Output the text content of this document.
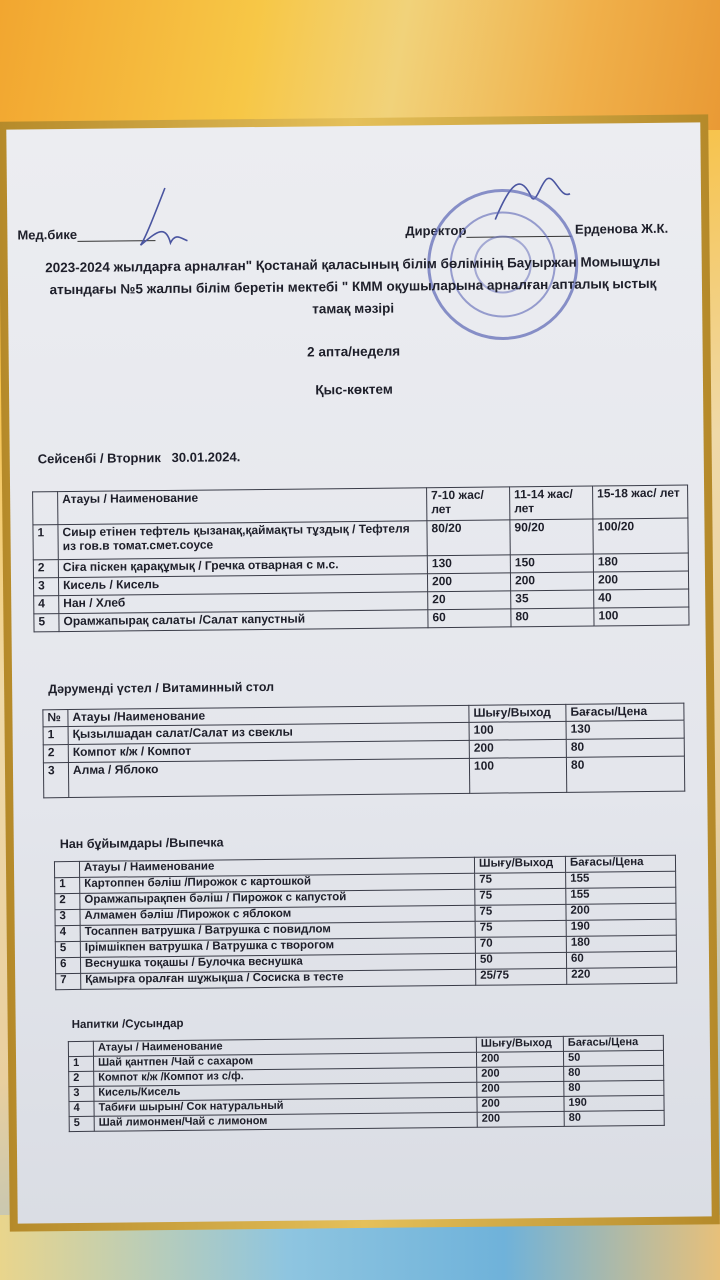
Мед.бике	Директор	Ерденова Ж.К.
2023-2024 жылдарға арналған" Қостанай қаласының білім бөлімінің Бауыржан Момышұлы
атындағы №5 жалпы білім беретін мектебі " КММ оқушыларына арналған апталық ыстық
тамақ мәзірі
2 апта/неделя
Қыс-көктем
Сейсенбі / Вторник 30.01.2024.
	Атауы / Наименование	7-10 жас/ лет	11-14 жас/ лет	15-18 жас/ лет
1	Сиыр етінен тефтель қызанақ,қаймақты тұздық / Тефтеля из гов.в томат.смет.соусе	80/20	90/20	100/20
2	Сіға піскен қарақұмық / Гречка отварная с м.с.	130	150	180
3	Кисель / Кисель	200	200	200
4	Нан / Хлеб	20	35	40
5	Орамжапырақ салаты /Салат капустный	60	80	100
Дәруменді үстел / Витаминный стол
№	Атауы /Наименование	Шығу/Выход	Бағасы/Цена
1	Қызылшадан салат/Салат из свеклы	100	130
2	Компот к/ж / Компот	200	80
3	Алма / Яблоко	100	80
Нан бұйымдары /Выпечка
	Атауы / Наименование	Шығу/Выход	Бағасы/Цена
1	Картоппен бәліш /Пирожок с картошкой	75	155
2	Орамжапырақпен бәліш / Пирожок с капустой	75	155
3	Алмамен бәліш /Пирожок с яблоком	75	200
4	Тосаппен ватрушка / Ватрушка с повидлом	75	190
5	Ірімшікпен ватрушка / Ватрушка с творогом	70	180
6	Веснушка тоқашы / Булочка веснушка	50	60
7	Қамырға оралған шұжықша / Сосиска в тесте	25/75	220
Напитки /Сусындар
	Атауы / Наименование	Шығу/Выход	Бағасы/Цена
1	Шай қантпен /Чай с сахаром	200	50
2	Компот к/ж /Компот из с/ф.	200	80
3	Кисель/Кисель	200	80
4	Табиғи шырын/ Сок натуральный	200	190
5	Шай лимонмен/Чай с лимоном	200	80
